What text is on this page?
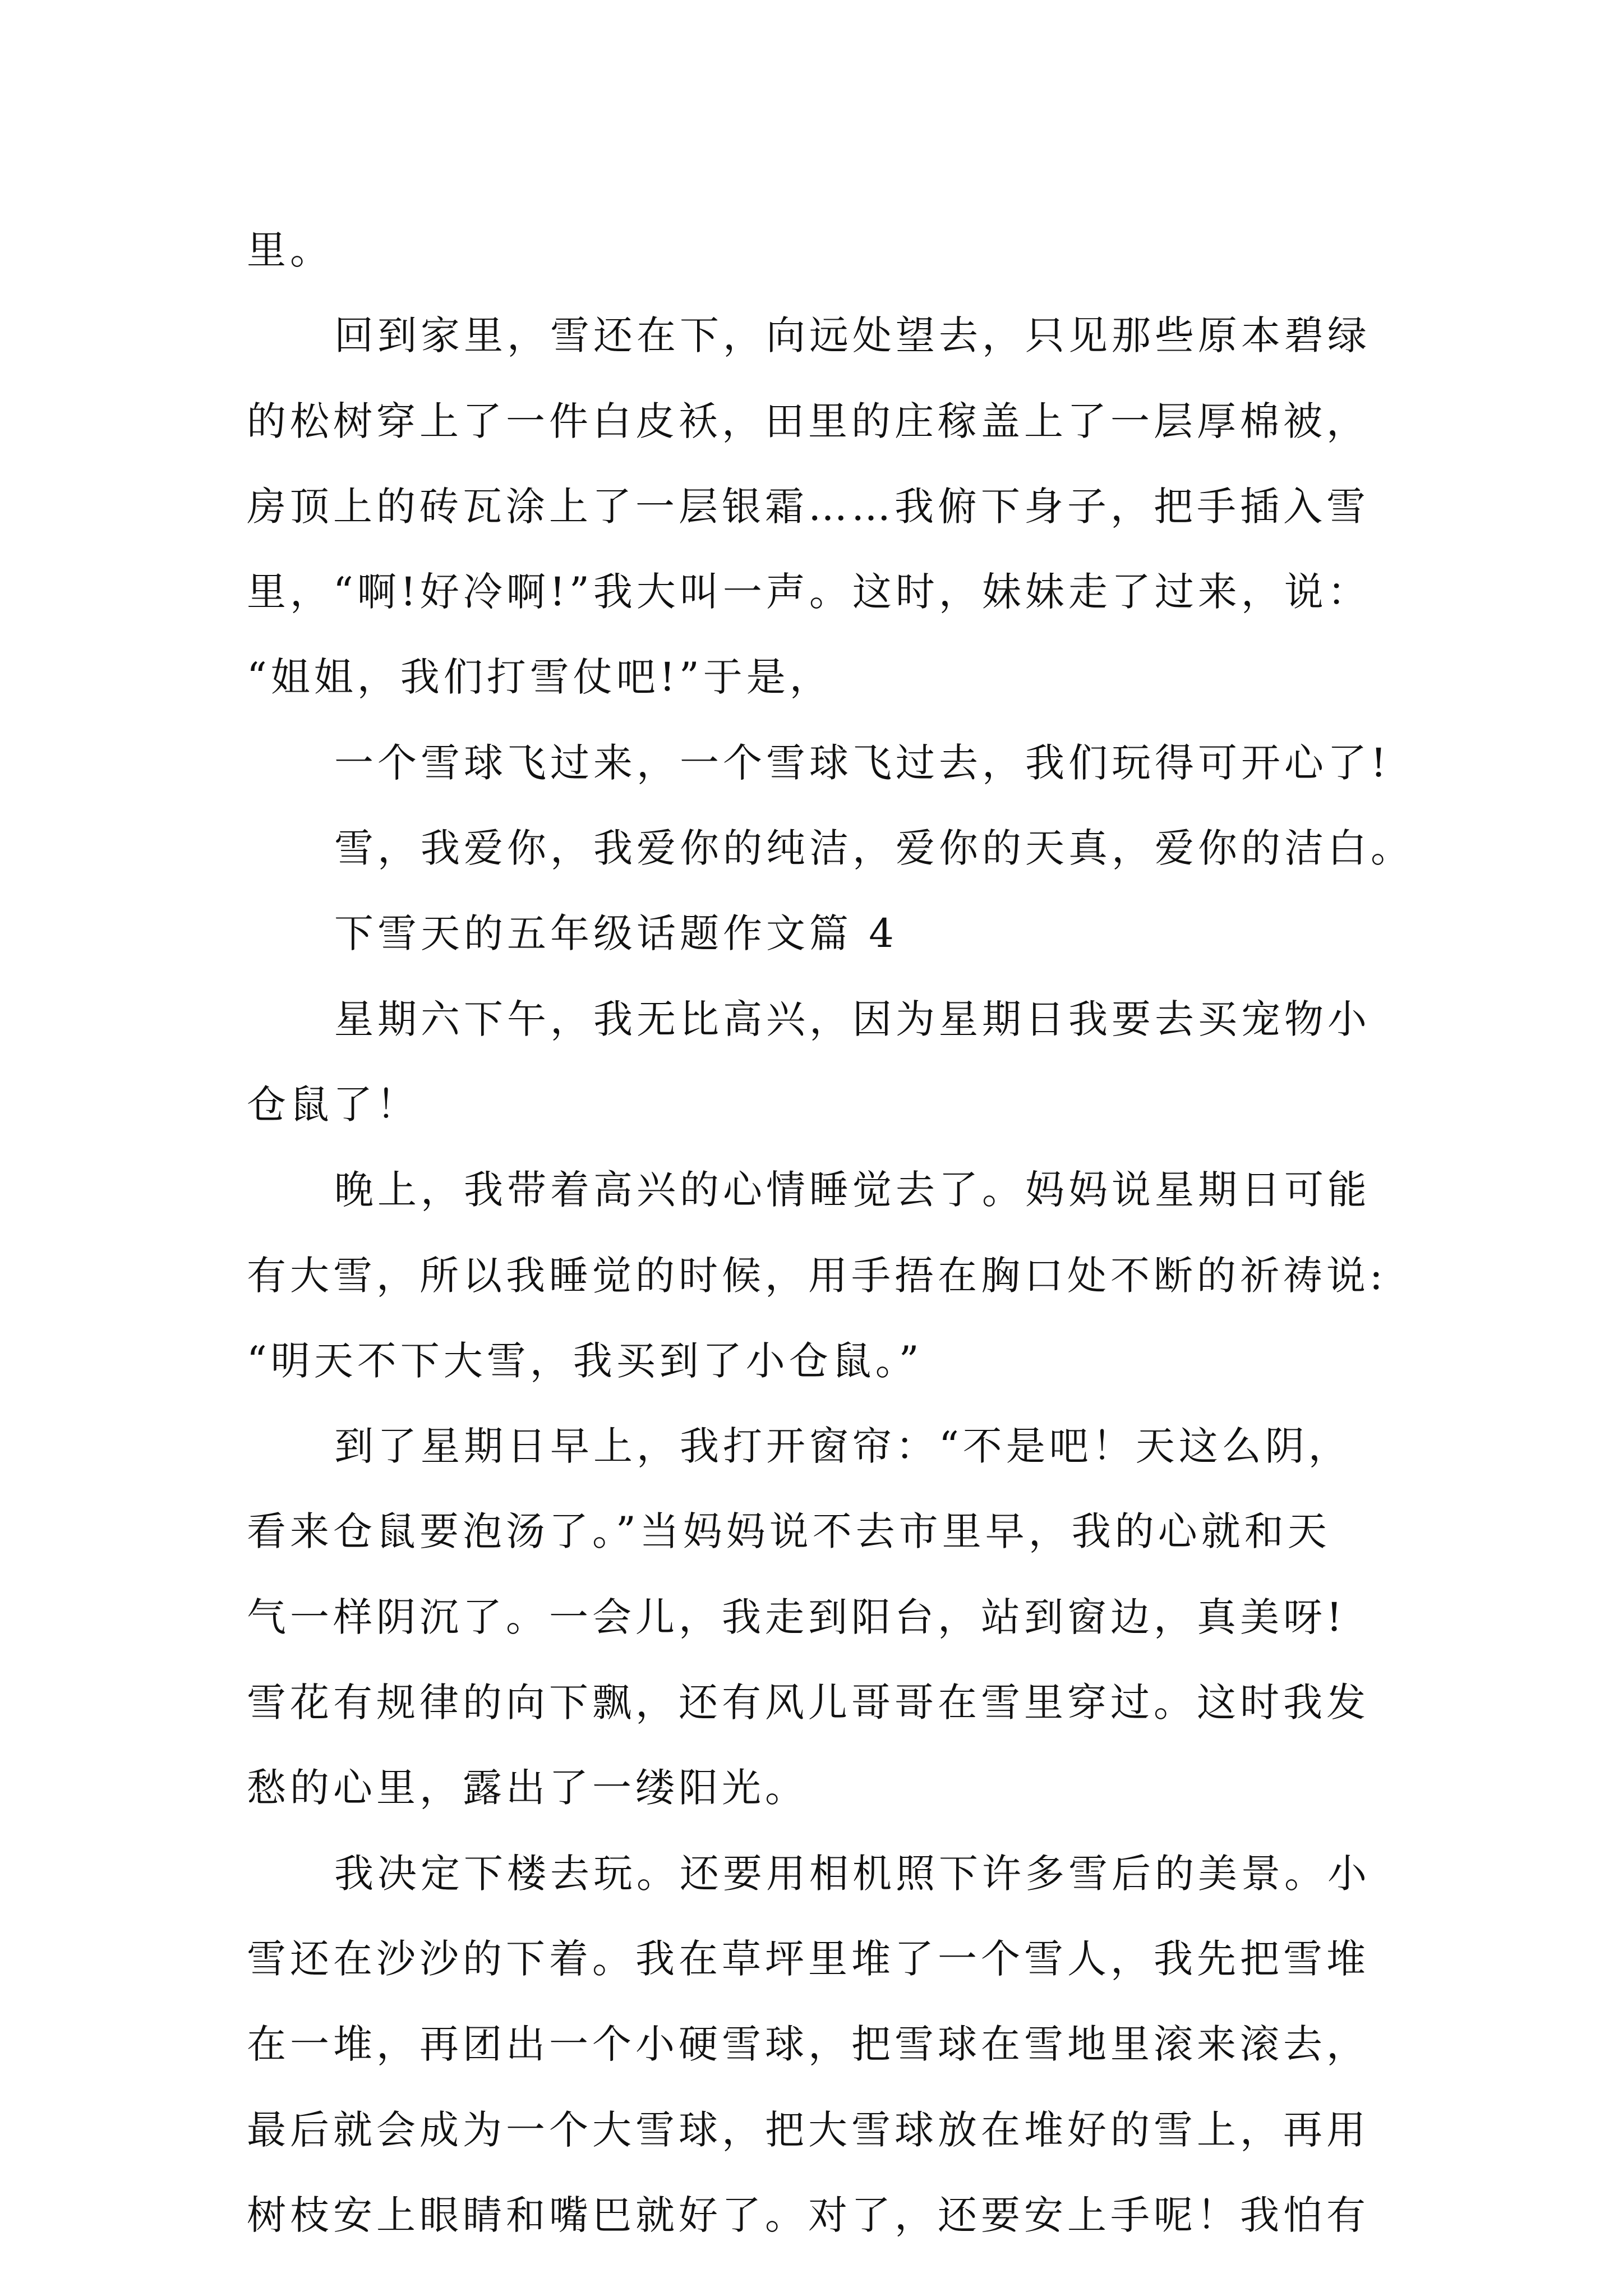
里。
回到家里，雪还在下，向远处望去，只见那些原本碧绿
的松树穿上了一件白皮袄，田里的庄稼盖上了一层厚棉被，
房顶上的砖瓦涂上了一层银霜……我俯下身子，把手插入雪
里，“啊!好冷啊!”我大叫一声。这时，妹妹走了过来，说：
“姐姐，我们打雪仗吧!”于是，
一个雪球飞过来，一个雪球飞过去，我们玩得可开心了!
雪，我爱你，我爱你的纯洁，爱你的天真，爱你的洁白。
下雪天的五年级话题作文篇 4
星期六下午，我无比高兴，因为星期日我要去买宠物小
仓鼠了！
晚上，我带着高兴的心情睡觉去了。妈妈说星期日可能
有大雪，所以我睡觉的时候，用手捂在胸口处不断的祈祷说:
“明天不下大雪，我买到了小仓鼠。”
到了星期日早上，我打开窗帘：“不是吧！天这么阴，
看来仓鼠要泡汤了。”当妈妈说不去市里早，我的心就和天
气一样阴沉了。一会儿，我走到阳台，站到窗边，真美呀!
雪花有规律的向下飘，还有风儿哥哥在雪里穿过。这时我发
愁的心里，露出了一缕阳光。
我决定下楼去玩。还要用相机照下许多雪后的美景。小
雪还在沙沙的下着。我在草坪里堆了一个雪人，我先把雪堆
在一堆，再团出一个小硬雪球，把雪球在雪地里滚来滚去，
最后就会成为一个大雪球，把大雪球放在堆好的雪上，再用
树枝安上眼睛和嘴巴就好了。对了，还要安上手呢！我怕有
